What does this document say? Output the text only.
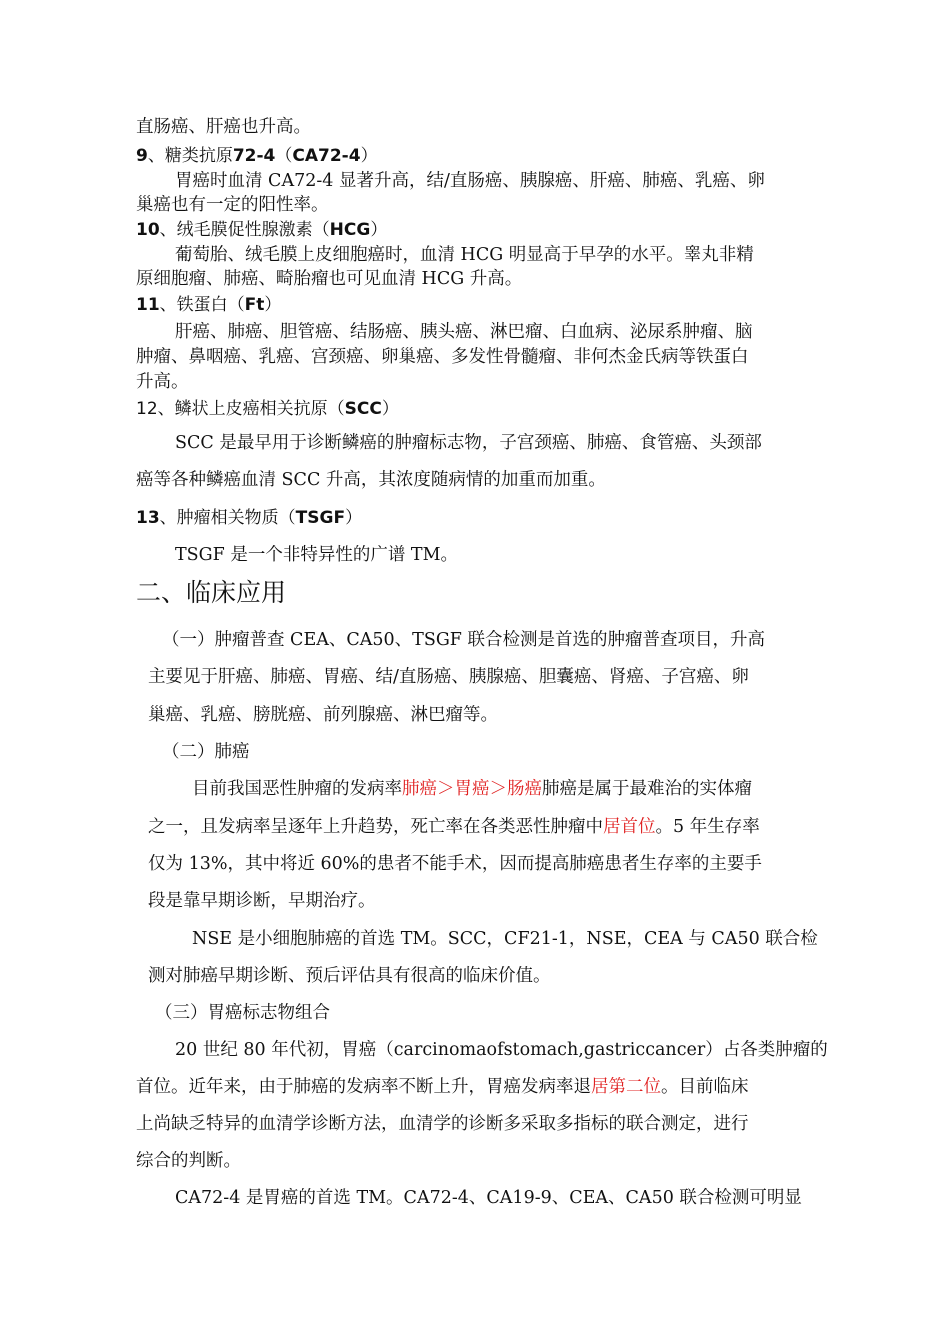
直肠癌、肝癌也升高。
9、糖类抗原72-4（CA72-4）
胃癌时血清 CA72-4 显著升高，结/直肠癌、胰腺癌、肝癌、肺癌、乳癌、卵
巢癌也有一定的阳性率。
10、绒毛膜促性腺激素（HCG）
葡萄胎、绒毛膜上皮细胞癌时，血清 HCG 明显高于早孕的水平。睾丸非精
原细胞瘤、肺癌、畸胎瘤也可见血清 HCG 升高。
11、铁蛋白（Ft）
肝癌、肺癌、胆管癌、结肠癌、胰头癌、淋巴瘤、白血病、泌尿系肿瘤、脑
肿瘤、鼻咽癌、乳癌、宫颈癌、卵巢癌、多发性骨髓瘤、非何杰金氏病等铁蛋白
升高。
12、鳞状上皮癌相关抗原（SCC）
SCC 是最早用于诊断鳞癌的肿瘤标志物，子宫颈癌、肺癌、食管癌、头颈部
癌等各种鳞癌血清 SCC 升高，其浓度随病情的加重而加重。
13、肿瘤相关物质（TSGF）
TSGF 是一个非特异性的广谱 TM。
二、临床应用
（一）肿瘤普查 CEA、CA50、TSGF 联合检测是首选的肿瘤普查项目，升高
主要见于肝癌、肺癌、胃癌、结/直肠癌、胰腺癌、胆囊癌、肾癌、子宫癌、卵
巢癌、乳癌、膀胱癌、前列腺癌、淋巴瘤等。
（二）肺癌
目前我国恶性肿瘤的发病率肺癌＞胃癌＞肠癌肺癌是属于最难治的实体瘤
之一，且发病率呈逐年上升趋势，死亡率在各类恶性肿瘤中居首位。5 年生存率
仅为 13%，其中将近 60%的患者不能手术，因而提高肺癌患者生存率的主要手
段是靠早期诊断，早期治疗。
NSE 是小细胞肺癌的首选 TM。SCC，CF21-1，NSE，CEA 与 CA50 联合检
测对肺癌早期诊断、预后评估具有很高的临床价值。
（三）胃癌标志物组合
20 世纪 80 年代初，胃癌（carcinomaofstomach,gastriccancer）占各类肿瘤的
首位。近年来，由于肺癌的发病率不断上升，胃癌发病率退居第二位。目前临床
上尚缺乏特异的血清学诊断方法，血清学的诊断多采取多指标的联合测定，进行
综合的判断。
CA72-4 是胃癌的首选 TM。CA72-4、CA19-9、CEA、CA50 联合检测可明显
